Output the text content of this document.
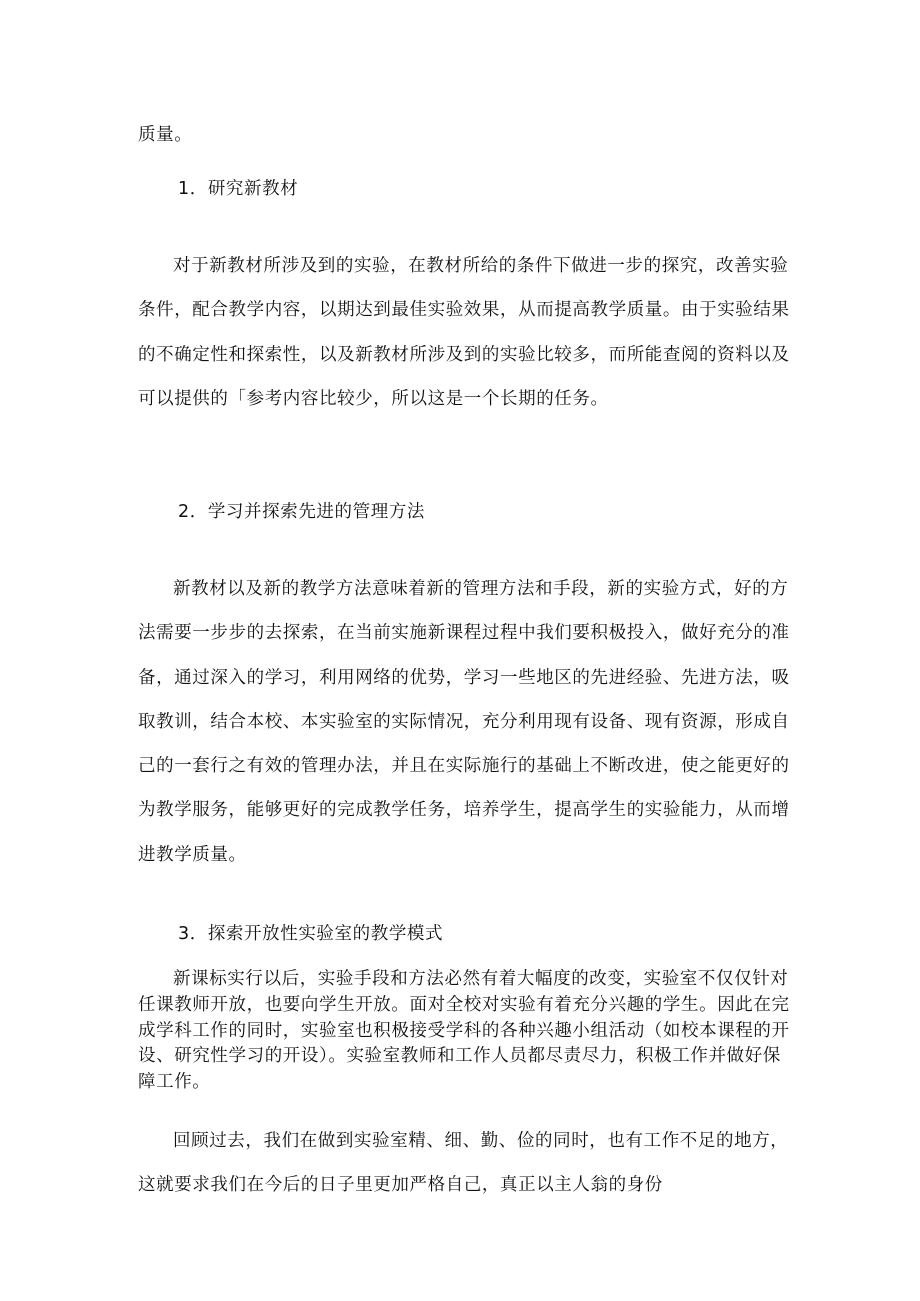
质量。

1．研究新教材

对于新教材所涉及到的实验，在教材所给的条件下做进一步的探究，改善实验条件，配合教学内容，以期达到最佳实验效果，从而提高教学质量。由于实验结果的不确定性和探索性，以及新教材所涉及到的实验比较多，而所能查阅的资料以及可以提供的「参考内容比较少，所以这是一个长期的任务。

2．学习并探索先进的管理方法

新教材以及新的教学方法意味着新的管理方法和手段，新的实验方式，好的方法需要一步步的去探索，在当前实施新课程过程中我们要积极投入，做好充分的准备，通过深入的学习，利用网络的优势，学习一些地区的先进经验、先进方法，吸取教训，结合本校、本实验室的实际情况，充分利用现有设备、现有资源，形成自己的一套行之有效的管理办法，并且在实际施行的基础上不断改进，使之能更好的为教学服务，能够更好的完成教学任务，培养学生，提高学生的实验能力，从而增进教学质量。

3．探索开放性实验室的教学模式

新课标实行以后，实验手段和方法必然有着大幅度的改变，实验室不仅仅针对任课教师开放，也要向学生开放。面对全校对实验有着充分兴趣的学生。因此在完成学科工作的同时，实验室也积极接受学科的各种兴趣小组活动（如校本课程的开设、研究性学习的开设）。实验室教师和工作人员都尽责尽力，积极工作并做好保障工作。

回顾过去，我们在做到实验室精、细、勤、俭的同时，也有工作不足的地方，这就要求我们在今后的日子里更加严格自己，真正以主人翁的身份
